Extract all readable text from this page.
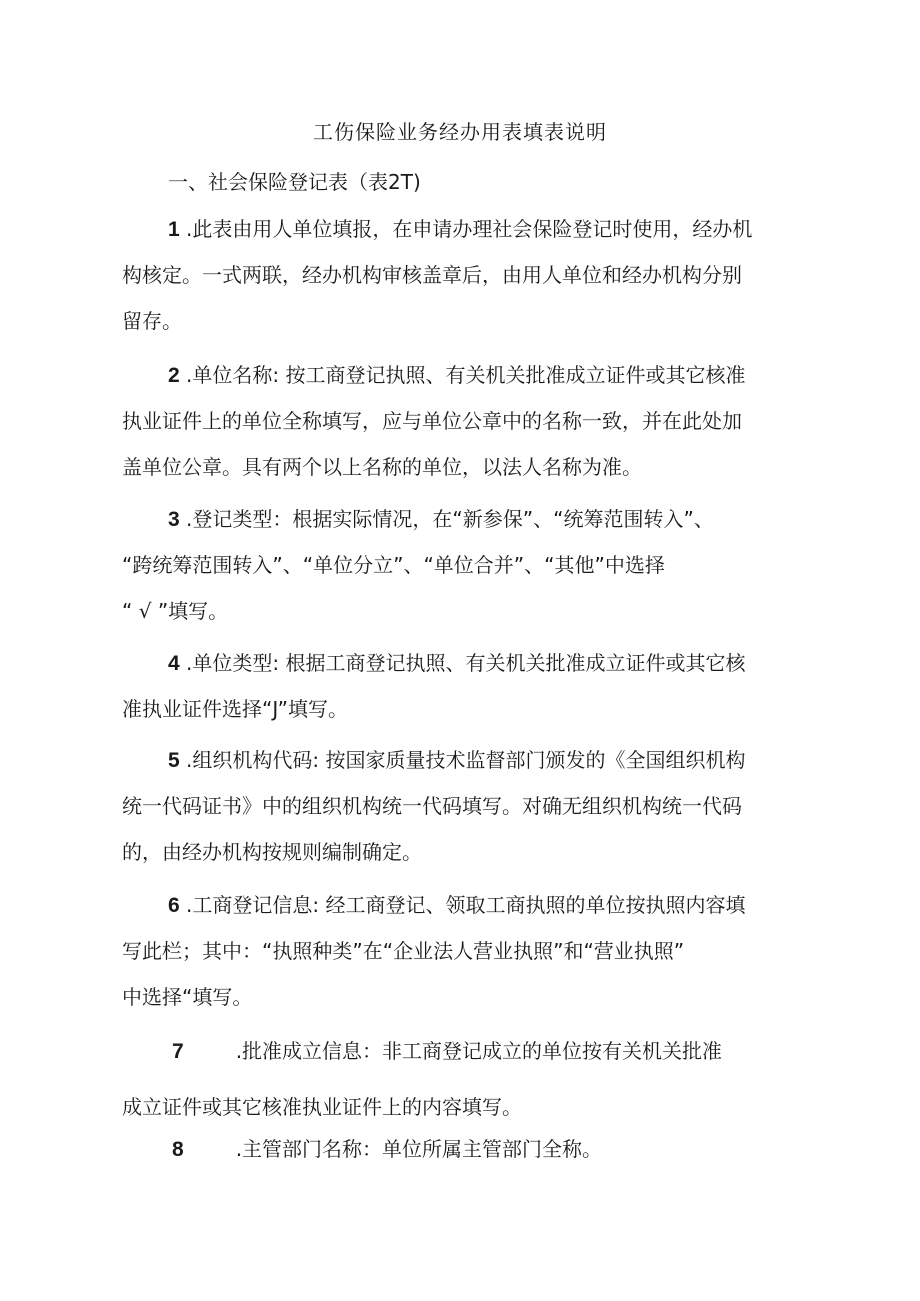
工伤保险业务经办用表填表说明
一、社会保险登记表（表2T)
1 .此表由用人单位填报，在申请办理社会保险登记时使用，经办机
构核定。一式两联，经办机构审核盖章后，由用人单位和经办机构分别
留存。
2 .单位名称: 按工商登记执照、有关机关批准成立证件或其它核准
执业证件上的单位全称填写，应与单位公章中的名称一致，并在此处加
盖单位公章。具有两个以上名称的单位，以法人名称为准。
3 .登记类型：根据实际情况，在“新参保”、“统筹范围转入”、
“跨统筹范围转入”、“单位分立”、“单位合并”、“其他”中选择
“ √ ”填写。
4 .单位类型: 根据工商登记执照、有关机关批准成立证件或其它核
准执业证件选择“J”填写。
5 .组织机构代码: 按国家质量技术监督部门颁发的《全国组织机构
统一代码证书》中的组织机构统一代码填写。对确无组织机构统一代码
的，由经办机构按规则编制确定。
6 .工商登记信息: 经工商登记、领取工商执照的单位按执照内容填
写此栏；其中：“执照种类”在“企业法人营业执照”和“营业执照”
中选择“填写。
7	.批准成立信息：非工商登记成立的单位按有关机关批准
成立证件或其它核准执业证件上的内容填写。
8	.主管部门名称：单位所属主管部门全称。
